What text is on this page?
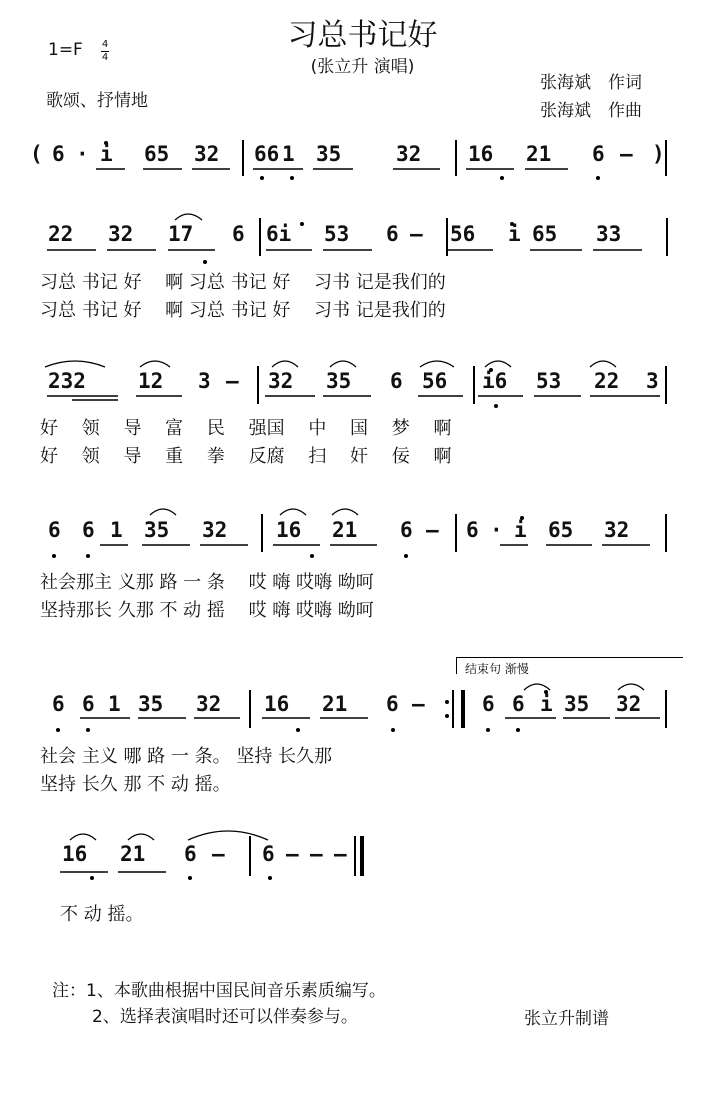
习总书记好
(张立升 演唱)
1=F 4
4
歌颂、抒情地
张海斌　作词
张海斌　作曲
( 6 · i 65 32 66 1 35	32 16 21 6 — )
22 32 17 6 6i 53 6 — 56 i 65 33
232 12 3 — 32 35 6 56 i6 53 22 3
6 6 1 35 32 16 21 6 — 6 · i 65 32
6 6 1 35 32 16 21 6 —	6 6 i 35 32
16 21 6 — 6 — — —
习总 书记 好 　啊 习总 书记 好 　习书 记是我们的
习总 书记 好 　啊 习总 书记 好 　习书 记是我们的
好　 领　 导　 富　 民　 强国　 中　 国　 梦　 啊
好　 领　 导　 重　 拳　 反腐　 扫　 奸　 佞　 啊
社会那主 义那 路 一 条 　哎 嗨 哎嗨 呦呵
坚持那长 久那 不 动 摇 　哎 嗨 哎嗨 呦呵
社会 主义 哪 路 一 条。 坚持 长久那
坚持 长久 那 不 动 摇。
不 动 摇。
结束句 渐慢
注：1、本歌曲根据中国民间音乐素质编写。
2、选择表演唱时还可以伴奏参与。	张立升制谱
